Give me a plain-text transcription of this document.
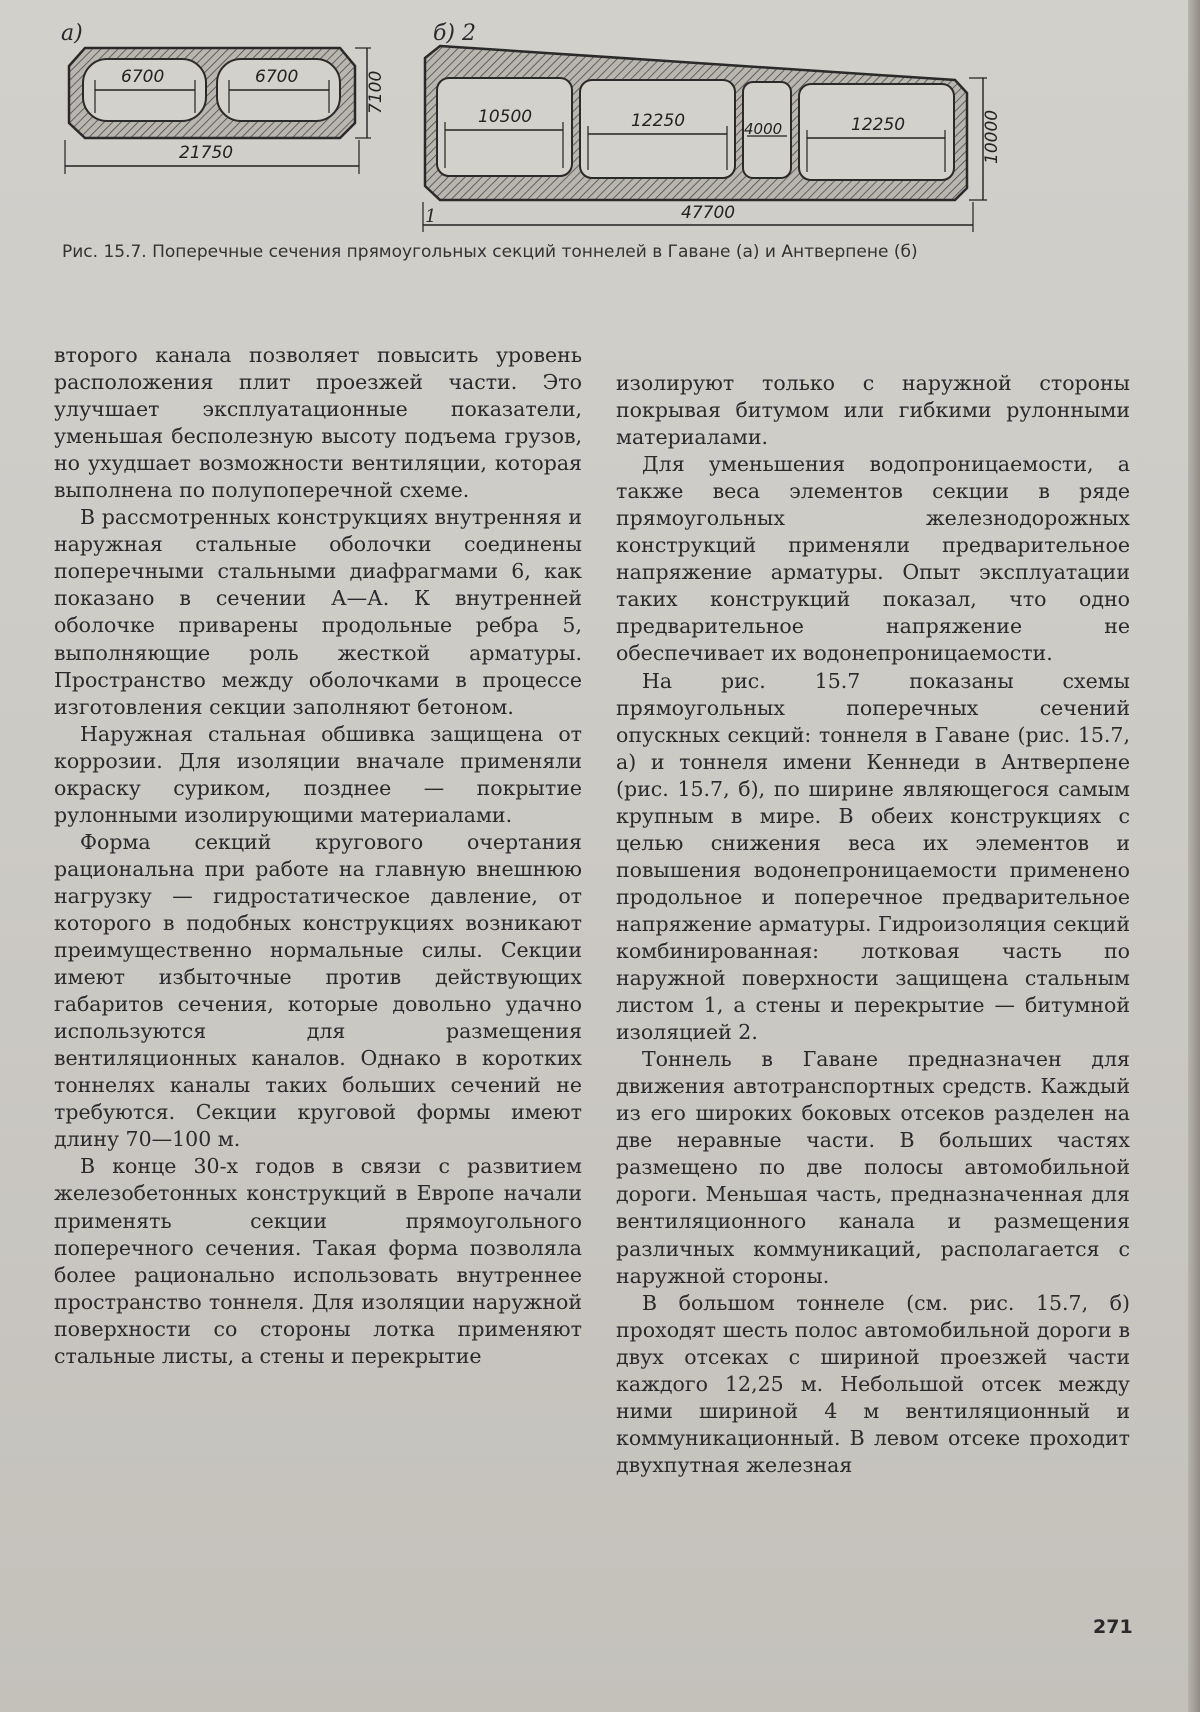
а)
6700	6700	7100
21750
б) 2
1
10500	12250	4000	12250	10000
47700
Рис. 15.7. Поперечные сечения прямоугольных секций тоннелей в Гаване (а) и Антверпене (б)

второго канала позволяет повысить уровень расположения плит проезжей части. Это улучшает эксплуатационные показатели, уменьшая бесполезную высоту подъема грузов, но ухудшает возможности вентиляции, которая выполнена по полупоперечной схеме.

В рассмотренных конструкциях внутренняя и наружная стальные оболочки соединены поперечными стальными диафрагмами 6, как показано в сечении А—А. К внутренней оболочке приварены продольные ребра 5, выполняющие роль жесткой арматуры. Пространство между оболочками в процессе изготовления секции заполняют бетоном.

Наружная стальная обшивка защищена от коррозии. Для изоляции вначале применяли окраску суриком, позднее — покрытие рулонными изолирующими материалами.

Форма секций кругового очертания рациональна при работе на главную внешнюю нагрузку — гидростатическое давление, от которого в подобных конструкциях возникают преимущественно нормальные силы. Секции имеют избыточные против действующих габаритов сечения, которые довольно удачно используются для размещения вентиляционных каналов. Однако в коротких тоннелях каналы таких больших сечений не требуются. Секции круговой формы имеют длину 70—100 м.

В конце 30-х годов в связи с развитием железобетонных конструкций в Европе начали применять секции прямоугольного поперечного сечения. Такая форма позволяла более рационально использовать внутреннее пространство тоннеля. Для изоляции наружной поверхности со стороны лотка применяют стальные листы, а стены и перекрытие

изолируют только с наружной стороны покрывая битумом или гибкими рулонными материалами.

Для уменьшения водопроницаемости, а также веса элементов секции в ряде прямоугольных железнодорожных конструкций применяли предварительное напряжение арматуры. Опыт эксплуатации таких конструкций показал, что одно предварительное напряжение не обеспечивает их водонепроницаемости.

На рис. 15.7 показаны схемы прямоугольных поперечных сечений опускных секций: тоннеля в Гаване (рис. 15.7, а) и тоннеля имени Кеннеди в Антверпене (рис. 15.7, б), по ширине являющегося самым крупным в мире. В обеих конструкциях с целью снижения веса их элементов и повышения водонепроницаемости применено продольное и поперечное предварительное напряжение арматуры. Гидроизоляция секций комбинированная: лотковая часть по наружной поверхности защищена стальным листом 1, а стены и перекрытие — битумной изоляцией 2.

Тоннель в Гаване предназначен для движения автотранспортных средств. Каждый из его широких боковых отсеков разделен на две неравные части. В больших частях размещено по две полосы автомобильной дороги. Меньшая часть, предназначенная для вентиляционного канала и размещения различных коммуникаций, располагается с наружной стороны.

В большом тоннеле (см. рис. 15.7, б) проходят шесть полос автомобильной дороги в двух отсеках с шириной проезжей части каждого 12,25 м. Небольшой отсек между ними шириной 4 м вентиляционный и коммуникационный. В левом отсеке проходит двухпутная железная

271
